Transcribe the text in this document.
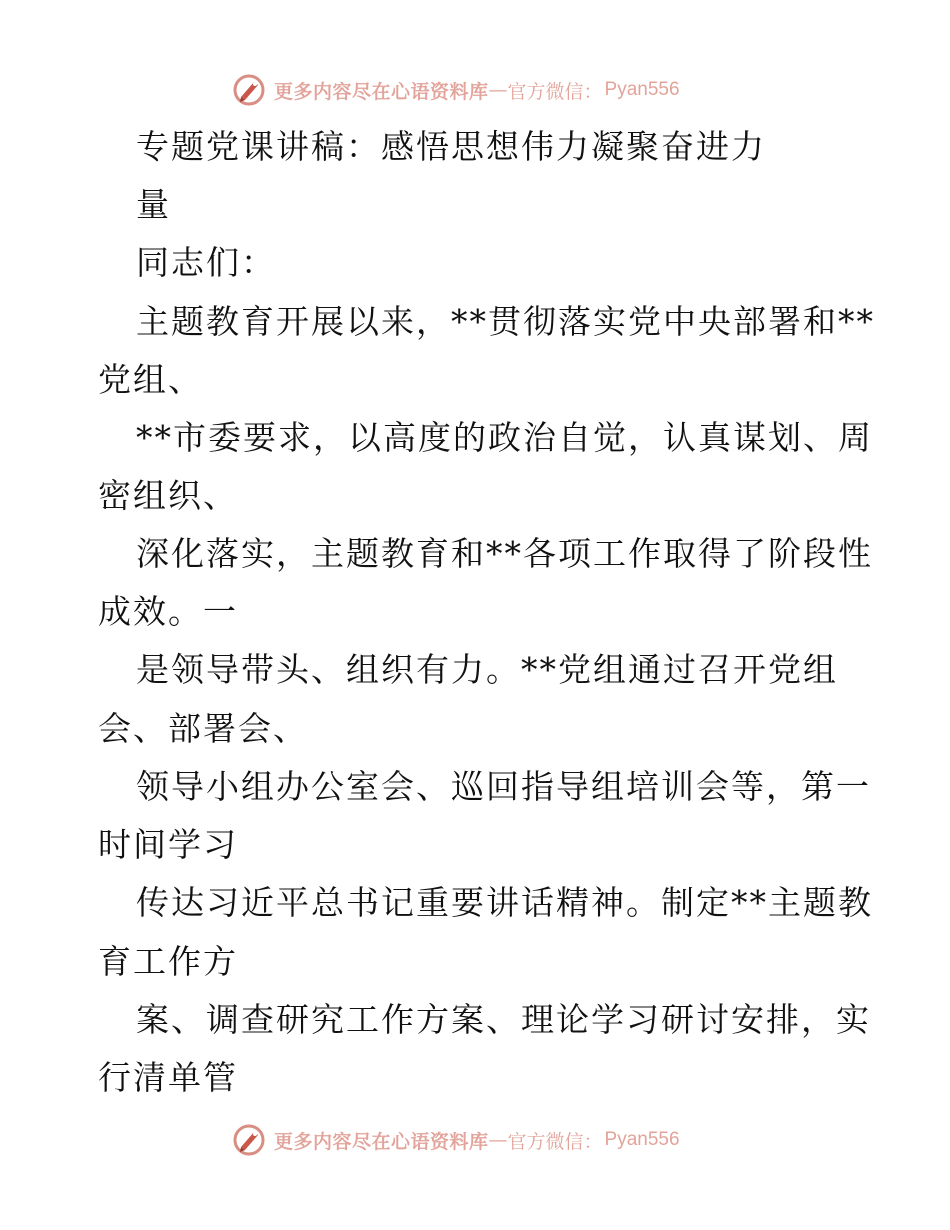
更多内容尽在心语资料库 — 官方微信： Pyan556
专题党课讲稿：感悟思想伟力凝聚奋进力
量
同志们：
主题教育开展以来，**贯彻落实党中央部署和**
党组、
**市委要求，以高度的政治自觉，认真谋划、周
密组织、
深化落实，主题教育和**各项工作取得了阶段性
成效。一
是领导带头、组织有力。**党组通过召开党组
会、部署会、
领导小组办公室会、巡回指导组培训会等，第一
时间学习
传达习近平总书记重要讲话精神。制定**主题教
育工作方
案、调查研究工作方案、理论学习研讨安排，实
行清单管
更多内容尽在心语资料库 — 官方微信： Pyan556
